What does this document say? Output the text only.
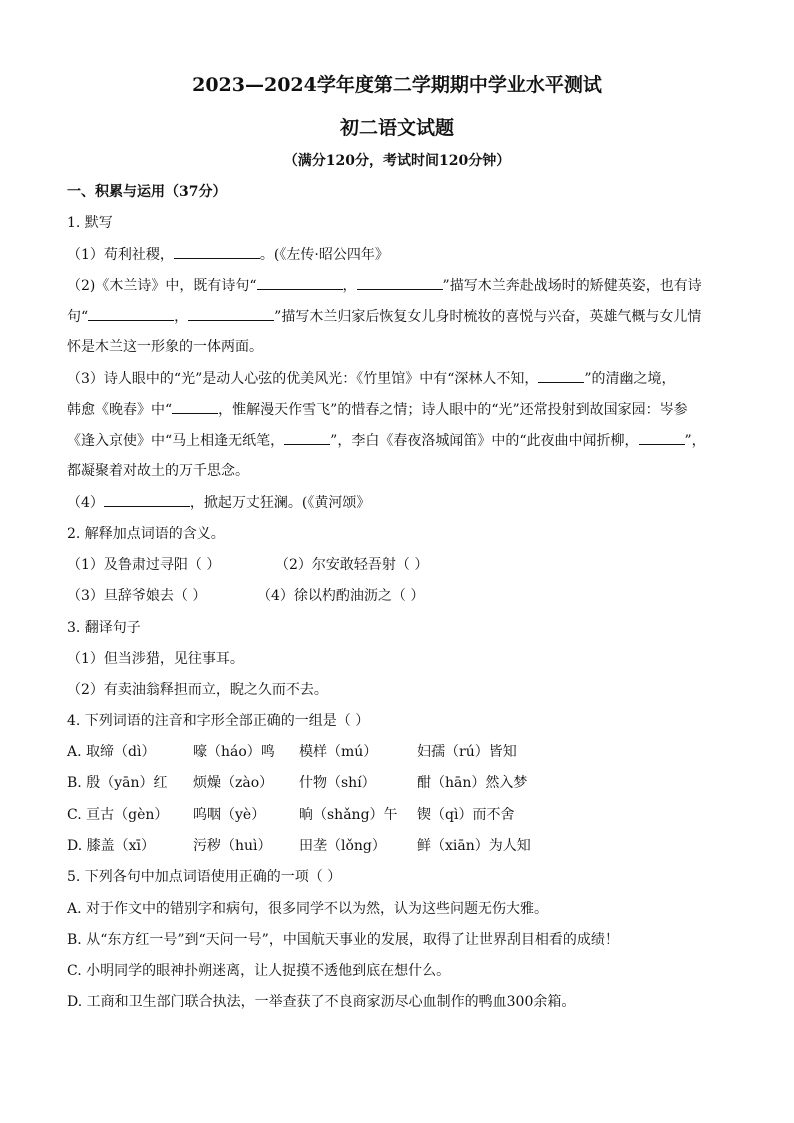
2023—2024学年度第二学期期中学业水平测试
初二语文试题
（满分120分，考试时间120分钟）
一、积累与运用（37分）
1. 默写
（1）苟利社稷，	。(《左传·昭公四年》
（2)《木兰诗》中，既有诗句“	，	”描写木兰奔赴战场时的矫健英姿，也有诗
句“	，	”描写木兰归家后恢复女儿身时梳妆的喜悦与兴奋，英雄气概与女儿情
怀是木兰这一形象的一体两面。
（3）诗人眼中的“光”是动人心弦的优美风光：《竹里馆》中有“深林人不知，	”的清幽之境，
韩愈《晚春》中“	，惟解漫天作雪飞”的惜春之情；诗人眼中的“光”还常投射到故国家园：岑参
《逢入京使》中“马上相逢无纸笔，	”，李白《春夜洛城闻笛》中的“此夜曲中闻折柳，	”，
都凝聚着对故土的万千思念。
（4）	，掀起万丈狂澜。(《黄河颂》
2. 解释加点词语的含义。
（1）及鲁肃过寻阳（ ）	（2）尔安敢轻吾射（ ）
（3）旦辞爷娘去（ ）	（4）徐以杓酌油沥之（ ）
3. 翻译句子
（1）但当涉猎，见往事耳。
（2）有卖油翁释担而立，睨之久而不去。
4. 下列词语的注音和字形全部正确的一组是（ ）
A. 取缔（dì）	嚎（háo）鸣 模样（mú）	妇孺（rú）皆知
B. 殷（yān）红 烦燥（zào） 什物（shí）	酣（hān）然入梦
C. 亘古（gèn） 呜咽（yè） 晌（shǎng）午 锲（qì）而不舍
D. 膝盖（xī）	污秽（huì） 田垄（lǒng） 鲜（xiān）为人知
5. 下列各句中加点词语使用正确的一项（ ）
A. 对于作文中的错别字和病句，很多同学不以为然，认为这些问题无伤大雅。
B. 从“东方红一号”到“天问一号”，中国航天事业的发展，取得了让世界刮目相看的成绩！
C. 小明同学的眼神扑朔迷离，让人捉摸不透他到底在想什么。
D. 工商和卫生部门联合执法，一举查获了不良商家沥尽心血制作的鸭血300余箱。
